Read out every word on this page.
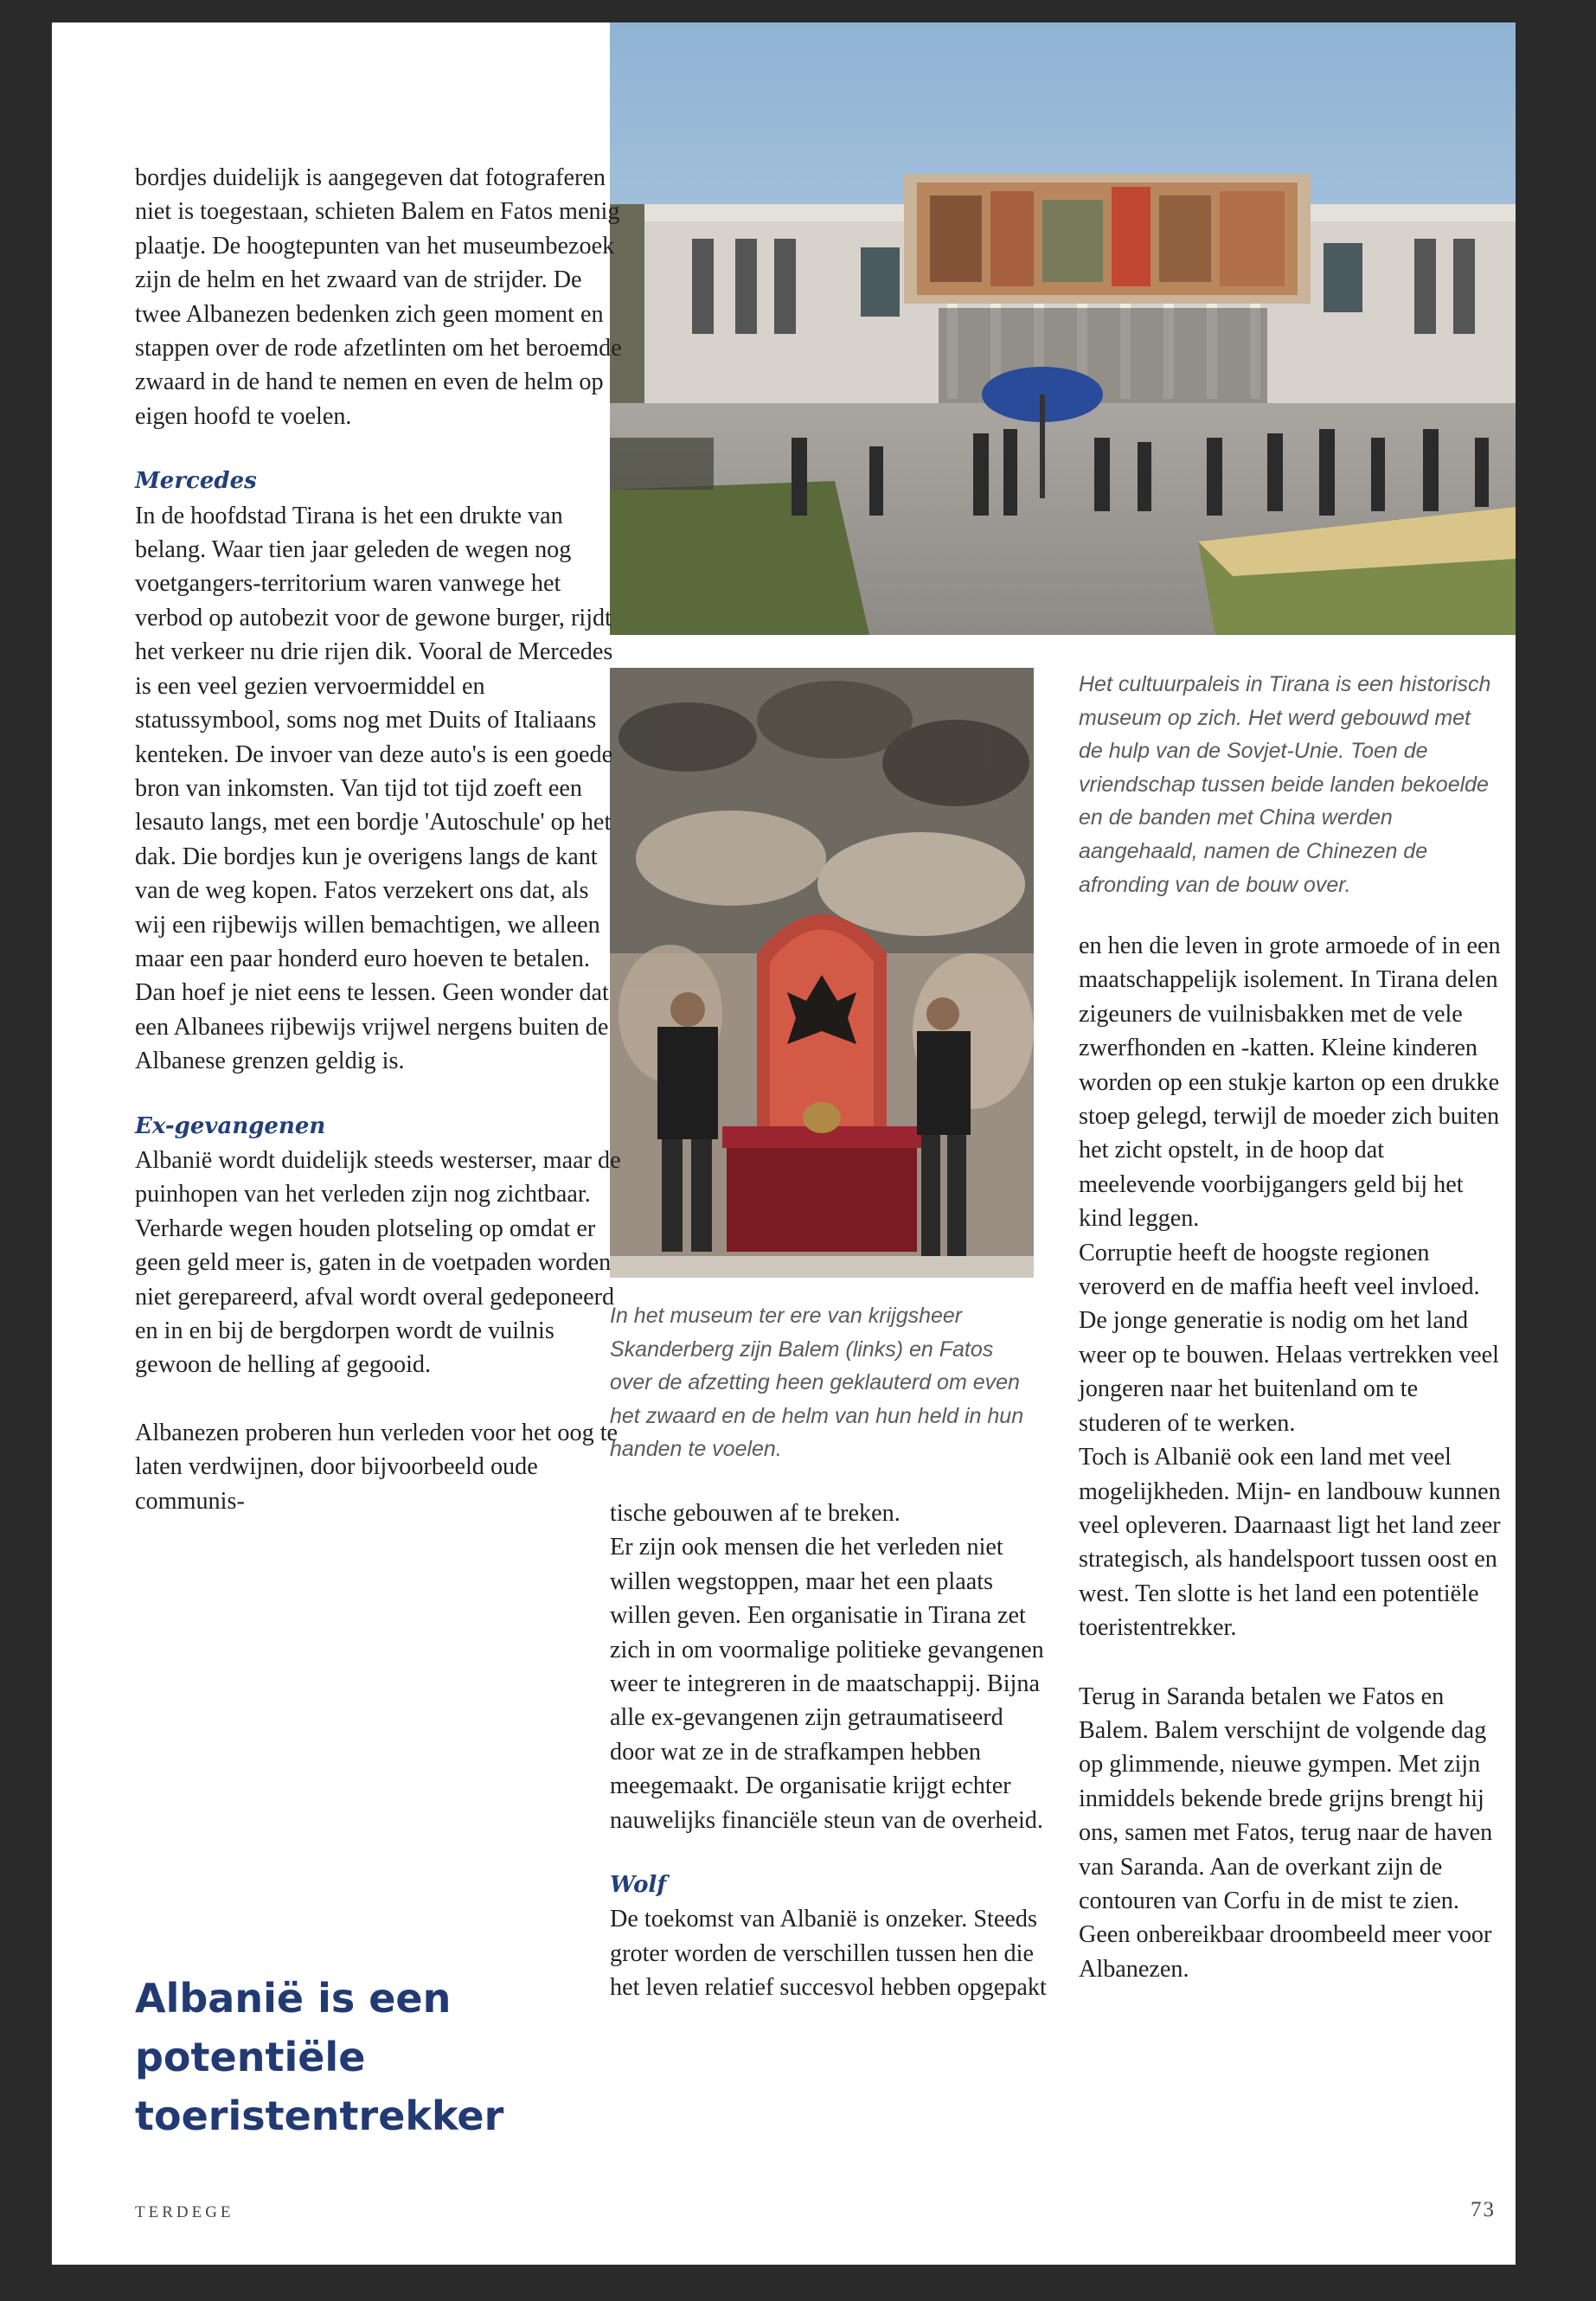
bordjes duidelijk is aangegeven dat fotograferen niet is toegestaan, schieten Balem en Fatos menig plaatje. De hoogtepunten van het museumbezoek zijn de helm en het zwaard van de strijder. De twee Albanezen bedenken zich geen moment en stappen over de rode afzetlinten om het beroemde zwaard in de hand te nemen en even de helm op eigen hoofd te voelen.

Mercedes

In de hoofdstad Tirana is het een drukte van belang. Waar tien jaar geleden de wegen nog voetgangers-territorium waren vanwege het verbod op autobezit voor de gewone burger, rijdt het verkeer nu drie rijen dik. Vooral de Mercedes is een veel gezien vervoermiddel en statussymbool, soms nog met Duits of Italiaans kenteken. De invoer van deze auto's is een goede bron van inkomsten. Van tijd tot tijd zoeft een lesauto langs, met een bordje 'Autoschule' op het dak. Die bordjes kun je overigens langs de kant van de weg kopen. Fatos verzekert ons dat, als wij een rijbewijs willen bemachtigen, we alleen maar een paar honderd euro hoeven te betalen. Dan hoef je niet eens te lessen. Geen wonder dat een Albanees rijbewijs vrijwel nergens buiten de Albanese grenzen geldig is.

Ex-gevangenen

Albanië wordt duidelijk steeds westerser, maar de puinhopen van het verleden zijn nog zichtbaar. Verharde wegen houden plotseling op omdat er geen geld meer is, gaten in de voetpaden worden niet gerepareerd, afval wordt overal gedeponeerd en in en bij de bergdorpen wordt de vuilnis gewoon de helling af gegooid.

Albanezen proberen hun verleden voor het oog te laten verdwijnen, door bijvoorbeeld oude communis-

Albanië is een potentiële toeristentrekker
In het museum ter ere van krijgsheer Skanderberg zijn Balem (links) en Fatos over de afzetting heen geklauterd om even het zwaard en de helm van hun held in hun handen te voelen.

tische gebouwen af te breken.

Er zijn ook mensen die het verleden niet willen wegstoppen, maar het een plaats willen geven. Een organisatie in Tirana zet zich in om voormalige politieke gevangenen weer te integreren in de maatschappij. Bijna alle ex-gevangenen zijn getraumatiseerd door wat ze in de strafkampen hebben meegemaakt. De organisatie krijgt echter nauwelijks financiële steun van de overheid.

Wolf

De toekomst van Albanië is onzeker. Steeds groter worden de verschillen tussen hen die het leven relatief succesvol hebben opgepakt

Het cultuurpaleis in Tirana is een historisch museum op zich. Het werd gebouwd met de hulp van de Sovjet-Unie. Toen de vriendschap tussen beide landen bekoelde en de banden met China werden aangehaald, namen de Chinezen de afronding van de bouw over.

en hen die leven in grote armoede of in een maatschappelijk isolement. In Tirana delen zigeuners de vuilnisbakken met de vele zwerfhonden en -katten. Kleine kinderen worden op een stukje karton op een drukke stoep gelegd, terwijl de moeder zich buiten het zicht opstelt, in de hoop dat meelevende voorbijgangers geld bij het kind leggen.

Corruptie heeft de hoogste regionen veroverd en de maffia heeft veel invloed. De jonge generatie is nodig om het land weer op te bouwen. Helaas vertrekken veel jongeren naar het buitenland om te studeren of te werken.

Toch is Albanië ook een land met veel mogelijkheden. Mijn- en landbouw kunnen veel opleveren. Daarnaast ligt het land zeer strategisch, als handelspoort tussen oost en west. Ten slotte is het land een potentiële toeristentrekker.

Terug in Saranda betalen we Fatos en Balem. Balem verschijnt de volgende dag op glimmende, nieuwe gympen. Met zijn inmiddels bekende brede grijns brengt hij ons, samen met Fatos, terug naar de haven van Saranda. Aan de overkant zijn de contouren van Corfu in de mist te zien. Geen onbereikbaar droombeeld meer voor Albanezen.

TERDEGE	73
